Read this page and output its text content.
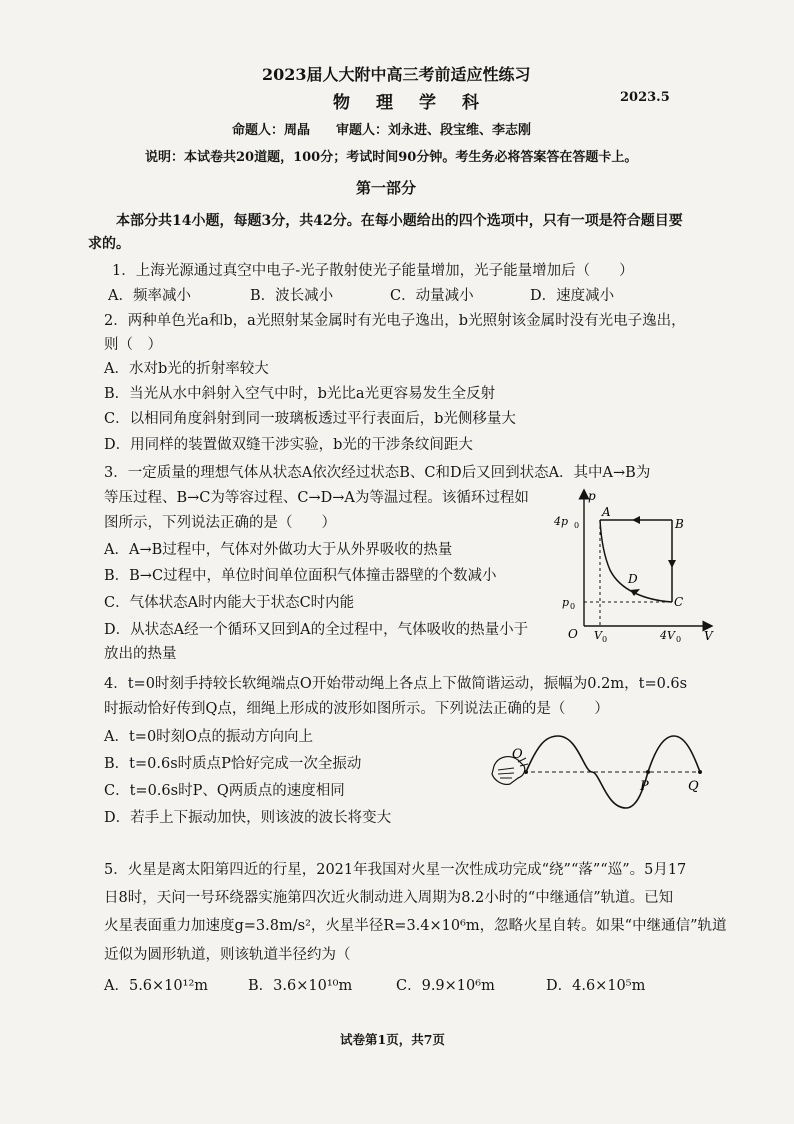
2023届人大附中高三考前适应性练习
物理学科	2023.5
命题人：周晶　　审题人：刘永进、段宝维、李志刚
说明：本试卷共20道题，100分；考试时间90分钟。考生务必将答案答在答题卡上。
第一部分
本部分共14小题，每题3分，共42分。在每小题给出的四个选项中，只有一项是符合题目要
求的。
1．上海光源通过真空中电子-光子散射使光子能量增加，光子能量增加后（　　）
A．频率减小	B．波长减小	C．动量减小	D．速度减小
2．两种单色光a和b，a光照射某金属时有光电子逸出，b光照射该金属时没有光电子逸出，
则（　）
A．水对b光的折射率较大
B．当光从水中斜射入空气中时，b光比a光更容易发生全反射
C．以相同角度斜射到同一玻璃板透过平行表面后，b光侧移量大
D．用同样的装置做双缝干涉实验，b光的干涉条纹间距大
3．一定质量的理想气体从状态A依次经过状态B、C和D后又回到状态A．其中A→B为
等压过程、B→C为等容过程、C→D→A为等温过程。该循环过程如
图所示，下列说法正确的是（　　）
A．A→B过程中，气体对外做功大于从外界吸收的热量
B．B→C过程中，单位时间单位面积气体撞击器壁的个数减小
C．气体状态A时内能大于状态C时内能
D．从状态A经一个循环又回到A的全过程中，气体吸收的热量小于
放出的热量
p
V
O
4p 0
p 0
V 0	4V 0
A
B
C
D
4．t=0时刻手持较长软绳端点O开始带动绳上各点上下做简谐运动，振幅为0.2m，t=0.6s
时振动恰好传到Q点，细绳上形成的波形如图所示。下列说法正确的是（　　）
A．t=0时刻O点的振动方向向上
B．t=0.6s时质点P恰好完成一次全振动
C．t=0.6s时P、Q两质点的速度相同
D．若手上下振动加快，则该波的波长将变大
O
P	Q
5．火星是离太阳第四近的行星，2021年我国对火星一次性成功完成“绕”“落”“巡”。5月17
日8时，天问一号环绕器实施第四次近火制动进入周期为8.2小时的“中继通信”轨道。已知
火星表面重力加速度g=3.8m/s²，火星半径R=3.4×10⁶m，忽略火星自转。如果“中继通信”轨道
近似为圆形轨道，则该轨道半径约为（
A．5.6×10¹²m	B．3.6×10¹⁰m	C．9.9×10⁶m	D．4.6×10⁵m
试卷第1页，共7页
